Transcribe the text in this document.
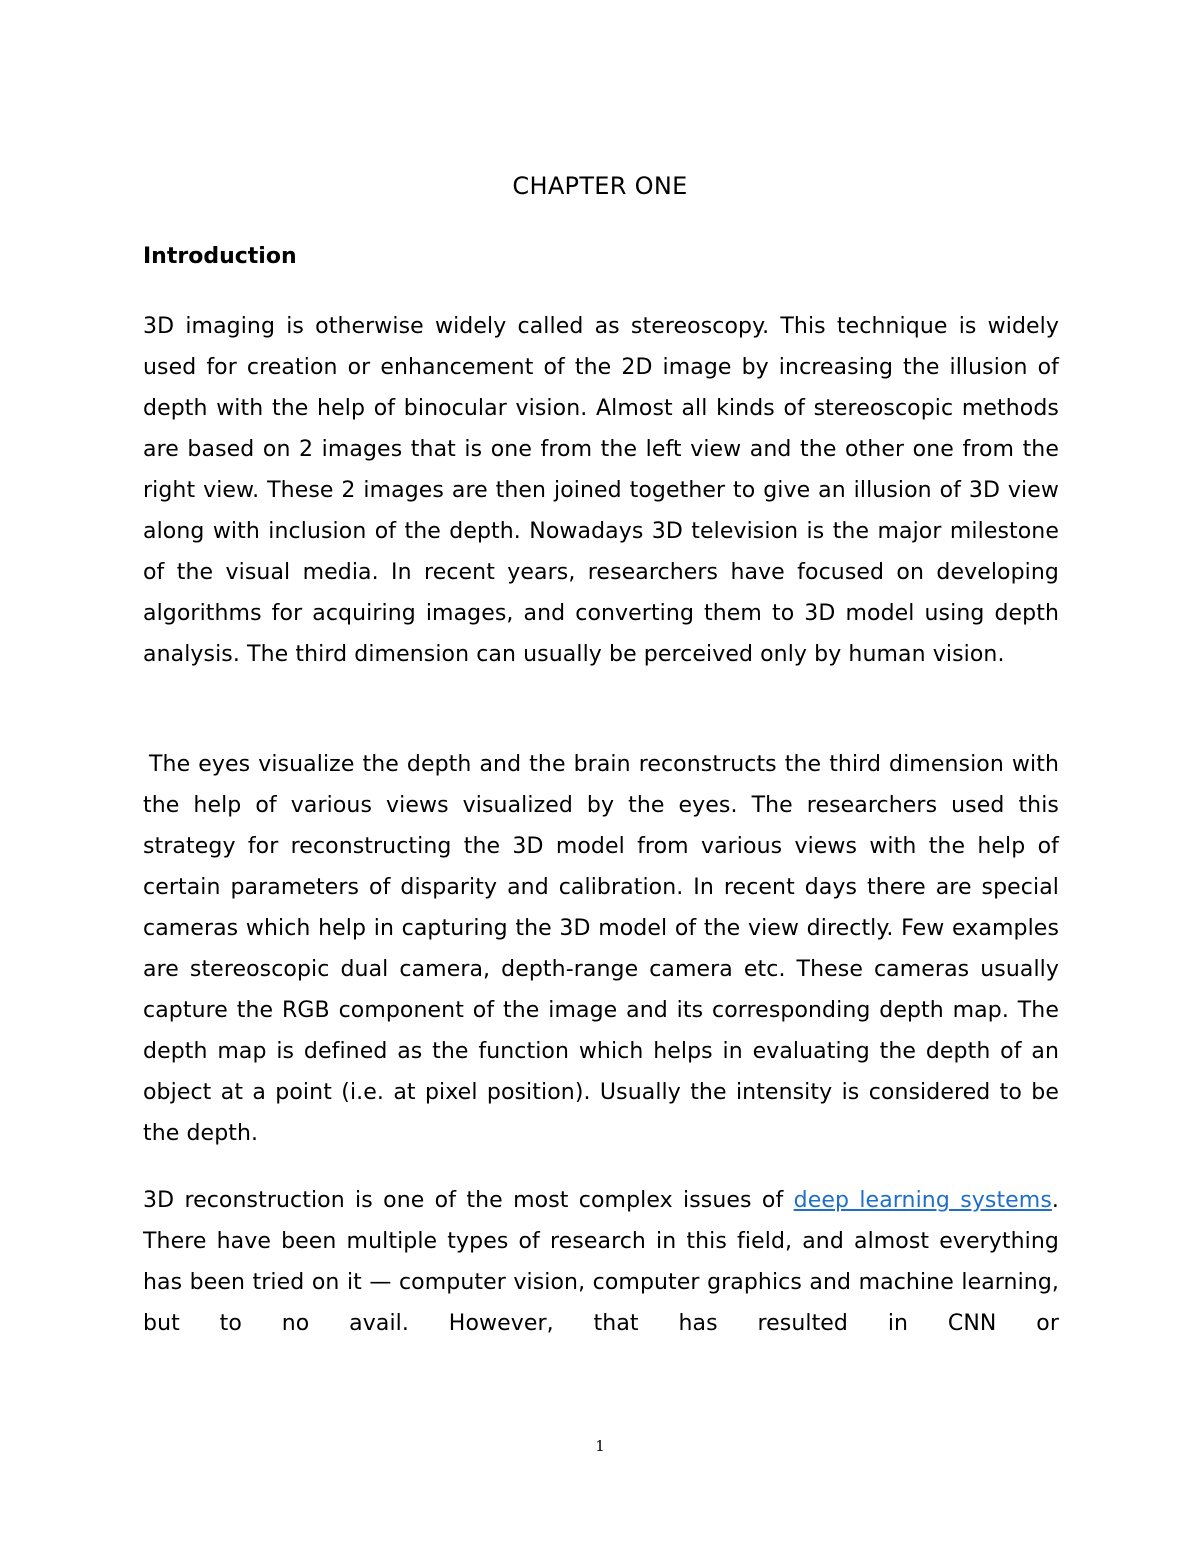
CHAPTER ONE
Introduction

3D imaging is otherwise widely called as stereoscopy. This technique is widely used for creation or enhancement of the 2D image by increasing the illusion of depth with the help of binocular vision. Almost all kinds of stereoscopic methods are based on 2 images that is one from the left view and the other one from the right view. These 2 images are then joined together to give an illusion of 3D view along with inclusion of the depth. Nowadays 3D television is the major milestone of the visual media. In recent years, researchers have focused on developing algorithms for acquiring images, and converting them to 3D model using depth analysis. The third dimension can usually be perceived only by human vision.

The eyes visualize the depth and the brain reconstructs the third dimension with the help of various views visualized by the eyes. The researchers used this strategy for reconstructing the 3D model from various views with the help of certain parameters of disparity and calibration. In recent days there are special cameras which help in capturing the 3D model of the view directly. Few examples are stereoscopic dual camera, depth-range camera etc. These cameras usually capture the RGB component of the image and its corresponding depth map. The depth map is defined as the function which helps in evaluating the depth of an object at a point (i.e. at pixel position). Usually the intensity is considered to be the depth.

3D reconstruction is one of the most complex issues of deep learning systems. There have been multiple types of research in this field, and almost everything has been tried on it — computer vision, computer graphics and machine learning, but to no avail. However, that has resulted in CNN or

1
